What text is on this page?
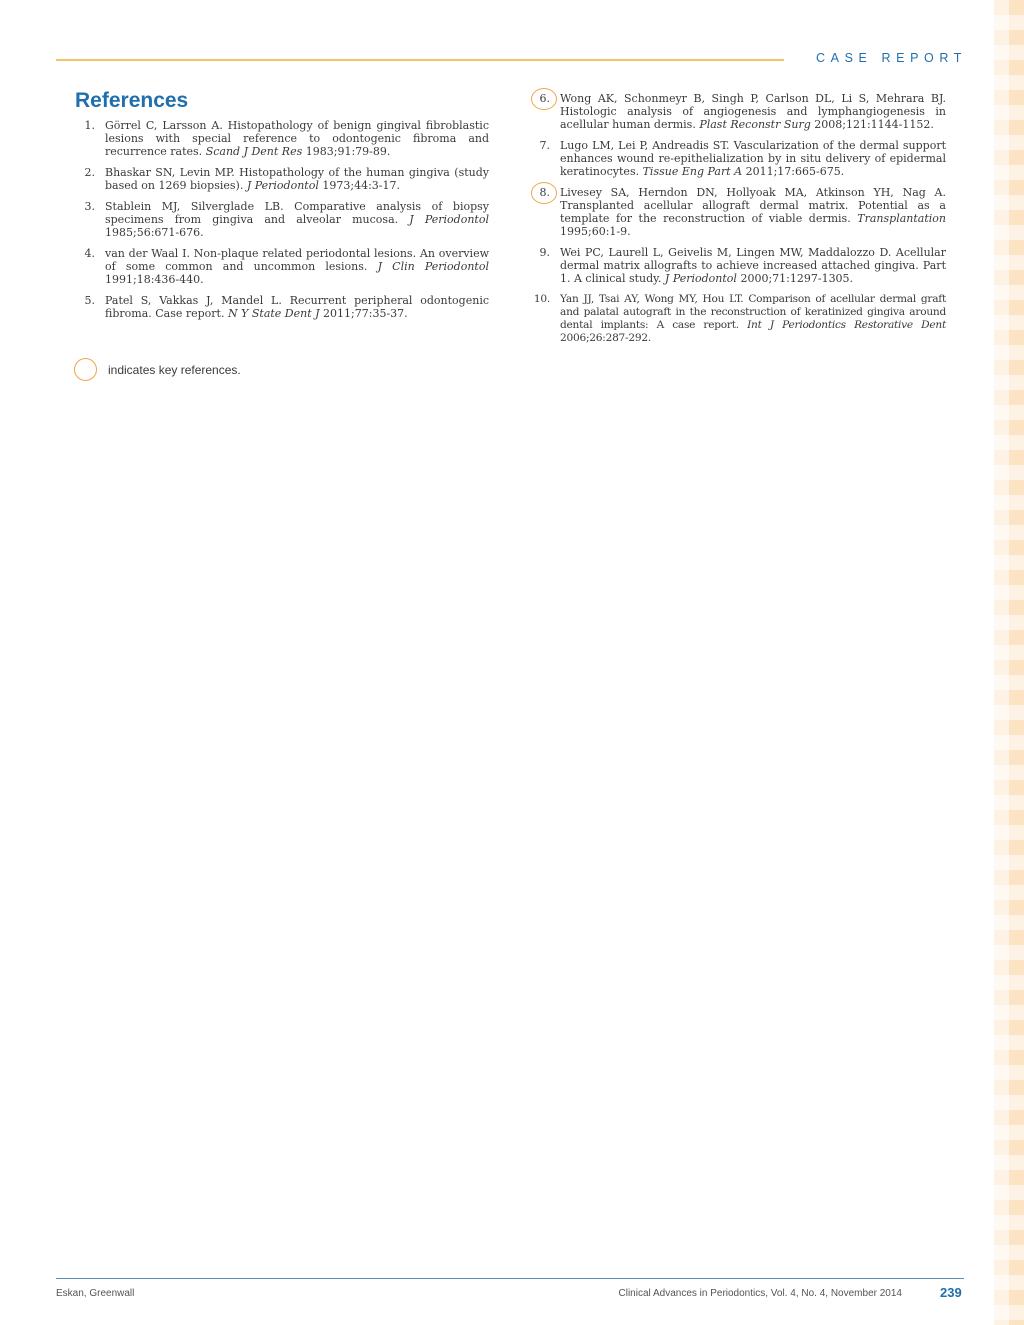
CASE REPORT
References
1. Görrel C, Larsson A. Histopathology of benign gingival fibroblastic lesions with special reference to odontogenic fibroma and recurrence rates. Scand J Dent Res 1983;91:79-89.
2. Bhaskar SN, Levin MP. Histopathology of the human gingiva (study based on 1269 biopsies). J Periodontol 1973;44:3-17.
3. Stablein MJ, Silverglade LB. Comparative analysis of biopsy specimens from gingiva and alveolar mucosa. J Periodontol 1985;56:671-676.
4. van der Waal I. Non-plaque related periodontal lesions. An overview of some common and uncommon lesions. J Clin Periodontol 1991;18:436-440.
5. Patel S, Vakkas J, Mandel L. Recurrent peripheral odontogenic fibroma. Case report. N Y State Dent J 2011;77:35-37.
6. Wong AK, Schonmeyr B, Singh P, Carlson DL, Li S, Mehrara BJ. Histologic analysis of angiogenesis and lymphangiogenesis in acellular human dermis. Plast Reconstr Surg 2008;121:1144-1152.
7. Lugo LM, Lei P, Andreadis ST. Vascularization of the dermal support enhances wound re-epithelialization by in situ delivery of epidermal keratinocytes. Tissue Eng Part A 2011;17:665-675.
8. Livesey SA, Herndon DN, Hollyoak MA, Atkinson YH, Nag A. Transplanted acellular allograft dermal matrix. Potential as a template for the reconstruction of viable dermis. Transplantation 1995;60:1-9.
9. Wei PC, Laurell L, Geivelis M, Lingen MW, Maddalozzo D. Acellular dermal matrix allografts to achieve increased attached gingiva. Part 1. A clinical study. J Periodontol 2000;71:1297-1305.
10. Yan JJ, Tsai AY, Wong MY, Hou LT. Comparison of acellular dermal graft and palatal autograft in the reconstruction of keratinized gingiva around dental implants: A case report. Int J Periodontics Restorative Dent 2006;26:287-292.
indicates key references.
Eskan, Greenwall	Clinical Advances in Periodontics, Vol. 4, No. 4, November 2014	239
